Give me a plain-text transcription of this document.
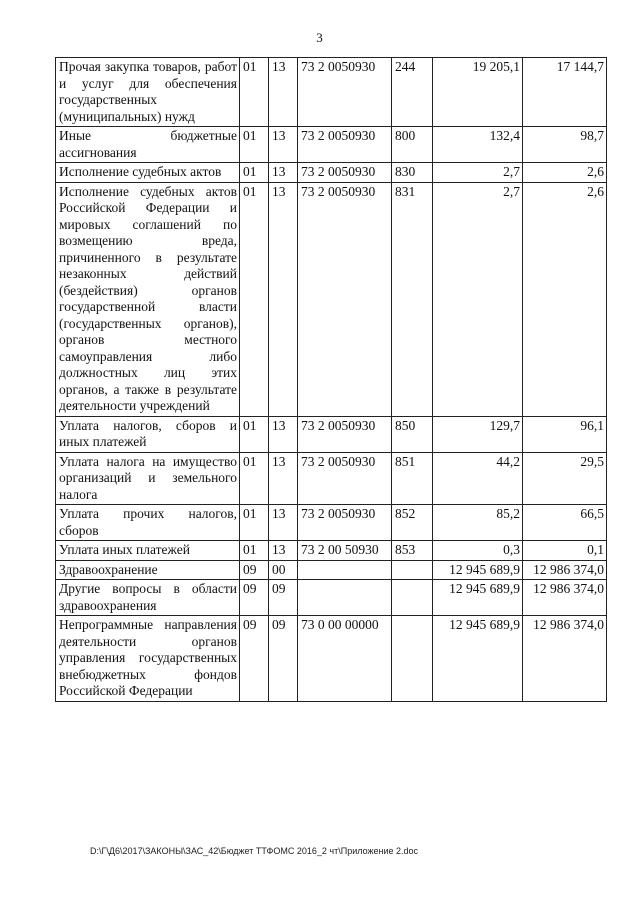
3
Прочая закупка товаров, работ и услуг для обеспечения государственных (муниципальных) нужд	01	13	73 2 0050930	244	19 205,1	17 144,7
Иные бюджетные ассигнования	01	13	73 2 0050930	800	132,4	98,7
Исполнение судебных актов	01	13	73 2 0050930	830	2,7	2,6
Исполнение судебных актов Российской Федерации и мировых соглашений по возмещению вреда, причиненного в результате незаконных действий (бездействия) органов государственной власти (государственных органов), органов местного самоуправления либо должностных лиц этих органов, а также в результате деятельности учреждений	01	13	73 2 0050930	831	2,7	2,6
Уплата налогов, сборов и иных платежей	01	13	73 2 0050930	850	129,7	96,1
Уплата налога на имущество организаций и земельного налога	01	13	73 2 0050930	851	44,2	29,5
Уплата прочих налогов, сборов	01	13	73 2 0050930	852	85,2	66,5
Уплата иных платежей	01	13	73 2 00 50930	853	0,3	0,1
Здравоохранение	09	00			12 945 689,9	12 986 374,0
Другие вопросы в области здравоохранения	09	09			12 945 689,9	12 986 374,0
Непрограммные направления деятельности органов управления государственных внебюджетных фондов Российской Федерации	09	09	73 0 00 00000		12 945 689,9	12 986 374,0
D:\Г\Д6\2017\ЗАКОНЫ\ЗАС_42\Бюджет ТТФОМС 2016_2 чт\Приложение 2.doc
